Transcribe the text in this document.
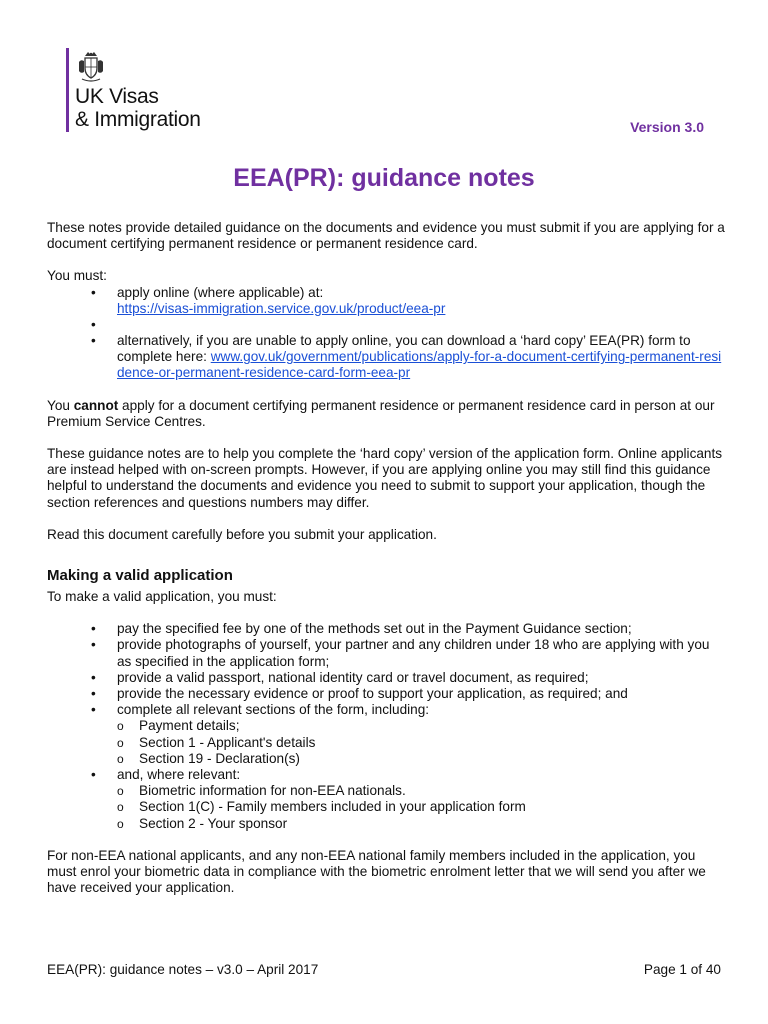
UK Visas
& Immigration	Version 3.0
EEA(PR): guidance notes

These notes provide detailed guidance on the documents and evidence you must submit if you are applying for a document certifying permanent residence or permanent residence card.

You must:

• apply online (where applicable) at:
https://visas-immigration.service.gov.uk/product/eea-pr
•
• alternatively, if you are unable to apply online, you can download a ‘hard copy’ EEA(PR) form to complete here: www.gov.uk/government/publications/apply-for-a-document-certifying-permanent-residence-or-permanent-residence-card-form-eea-pr

You cannot apply for a document certifying permanent residence or permanent residence card in person at our Premium Service Centres.

These guidance notes are to help you complete the ‘hard copy’ version of the application form. Online applicants are instead helped with on-screen prompts. However, if you are applying online you may still find this guidance helpful to understand the documents and evidence you need to submit to support your application, though the section references and questions numbers may differ.

Read this document carefully before you submit your application.

Making a valid application

To make a valid application, you must:

• pay the specified fee by one of the methods set out in the Payment Guidance section;
• provide photographs of yourself, your partner and any children under 18 who are applying with you as specified in the application form;
• provide a valid passport, national identity card or travel document, as required;
• provide the necessary evidence or proof to support your application, as required; and
• complete all relevant sections of the form, including:
o Payment details;
o Section 1 - Applicant's details
o Section 19 - Declaration(s)
• and, where relevant:
o Biometric information for non-EEA nationals.
o Section 1(C) - Family members included in your application form
o Section 2 - Your sponsor

For non-EEA national applicants, and any non-EEA national family members included in the application, you must enrol your biometric data in compliance with the biometric enrolment letter that we will send you after we have received your application.

EEA(PR): guidance notes – v3.0 – April 2017	Page 1 of 40
